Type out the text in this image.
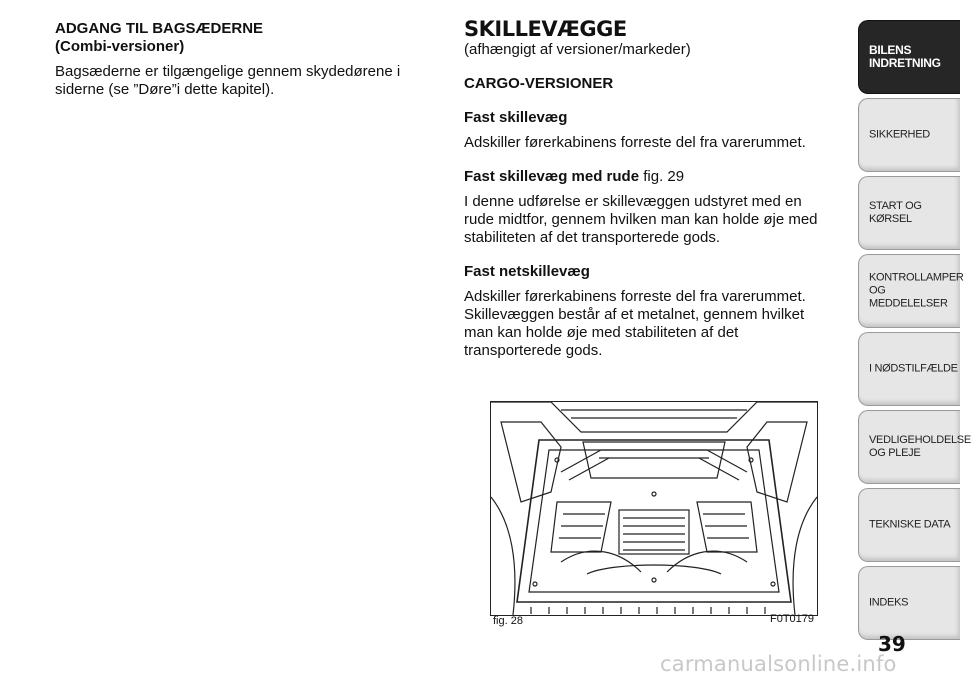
ADGANG TIL BAGSÆDERNE

(Combi-versioner)

Bagsæderne er tilgængelige gennem skydedørene i

siderne (se ”Døre”i dette kapitel).

SKILLEVÆGGE

(afhængigt af versioner/markeder)

CARGO-VERSIONER

Fast skillevæg

Adskiller førerkabinens forreste del fra varerummet.

Fast skillevæg med rude fig. 29

I denne udførelse er skillevæggen udstyret med en

rude midtfor, gennem hvilken man kan holde øje med

stabiliteten af det transporterede gods.

Fast netskillevæg

Adskiller førerkabinens forreste del fra varerummet.

Skillevæggen består af et metalnet, gennem hvilket

man kan holde øje med stabiliteten af det

transporterede gods.

fig. 28	F0T0179
BILENS
INDRETNING
SIKKERHED
START OG KØRSEL
KONTROLLAMPER
OG MEDDELELSER
I NØDSTILFÆLDE
VEDLIGEHOLDELSE
OG PLEJE
TEKNISKE DATA
INDEKS
39
carmanualsonline.info
